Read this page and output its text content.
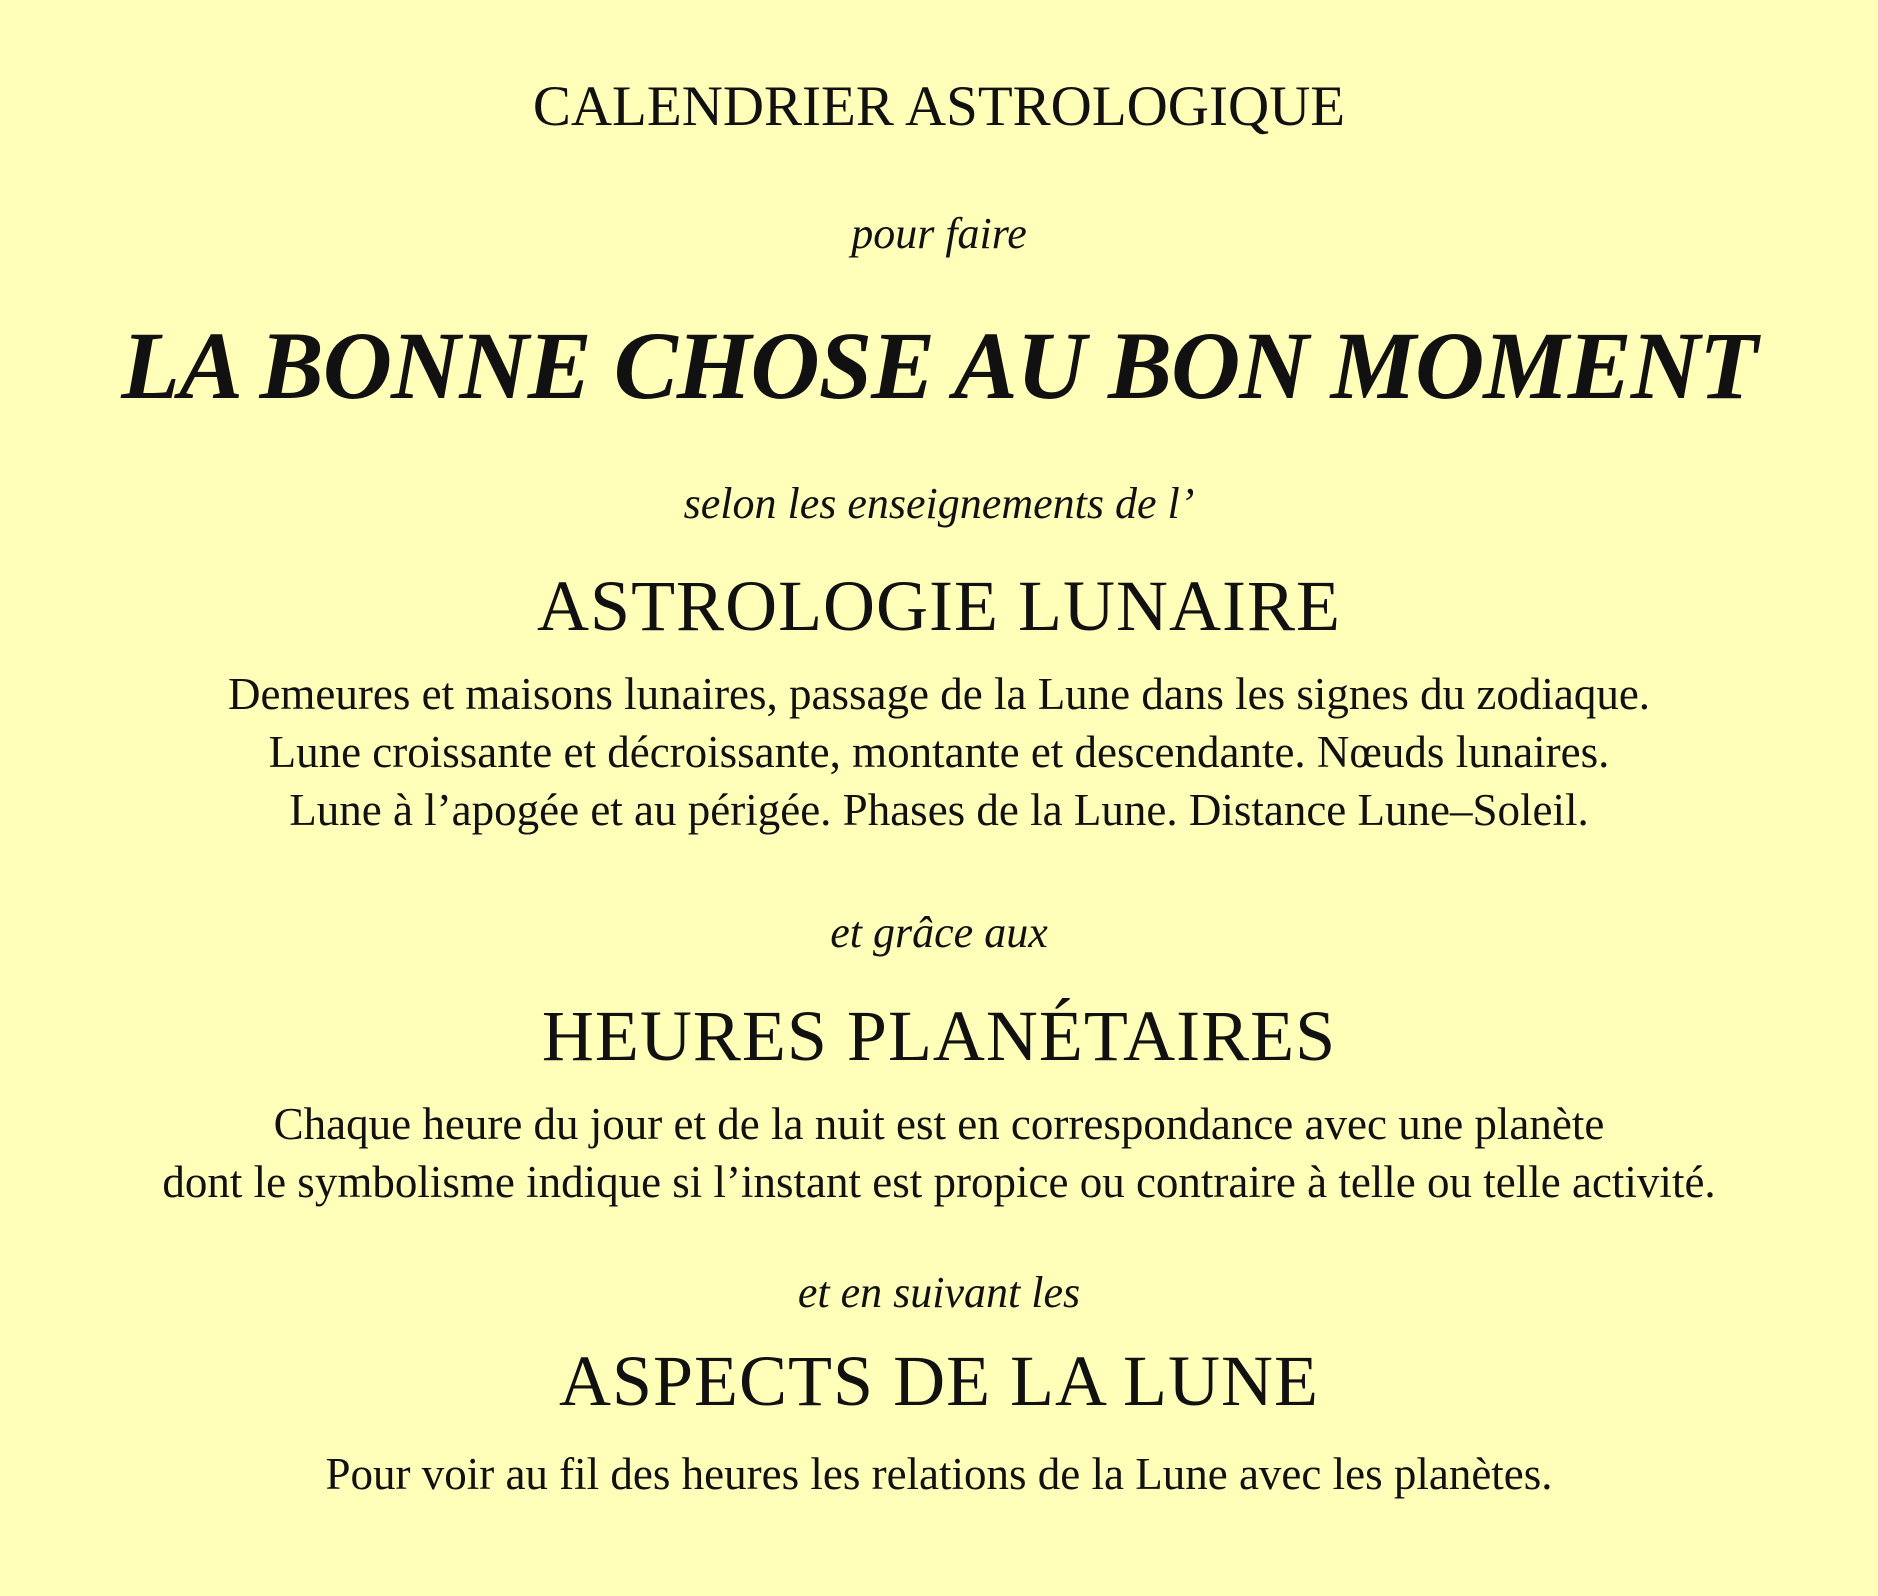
CALENDRIER ASTROLOGIQUE
pour faire
LA BONNE CHOSE AU BON MOMENT
selon les enseignements de l’
ASTROLOGIE LUNAIRE
Demeures et maisons lunaires, passage de la Lune dans les signes du zodiaque.
Lune croissante et décroissante, montante et descendante. Nœuds lunaires.
Lune à l’apogée et au périgée. Phases de la Lune. Distance Lune–Soleil.
et grâce aux
HEURES PLANÉTAIRES
Chaque heure du jour et de la nuit est en correspondance avec une planète
dont le symbolisme indique si l’instant est propice ou contraire à telle ou telle activité.
et en suivant les
ASPECTS DE LA LUNE
Pour voir au fil des heures les relations de la Lune avec les planètes.
